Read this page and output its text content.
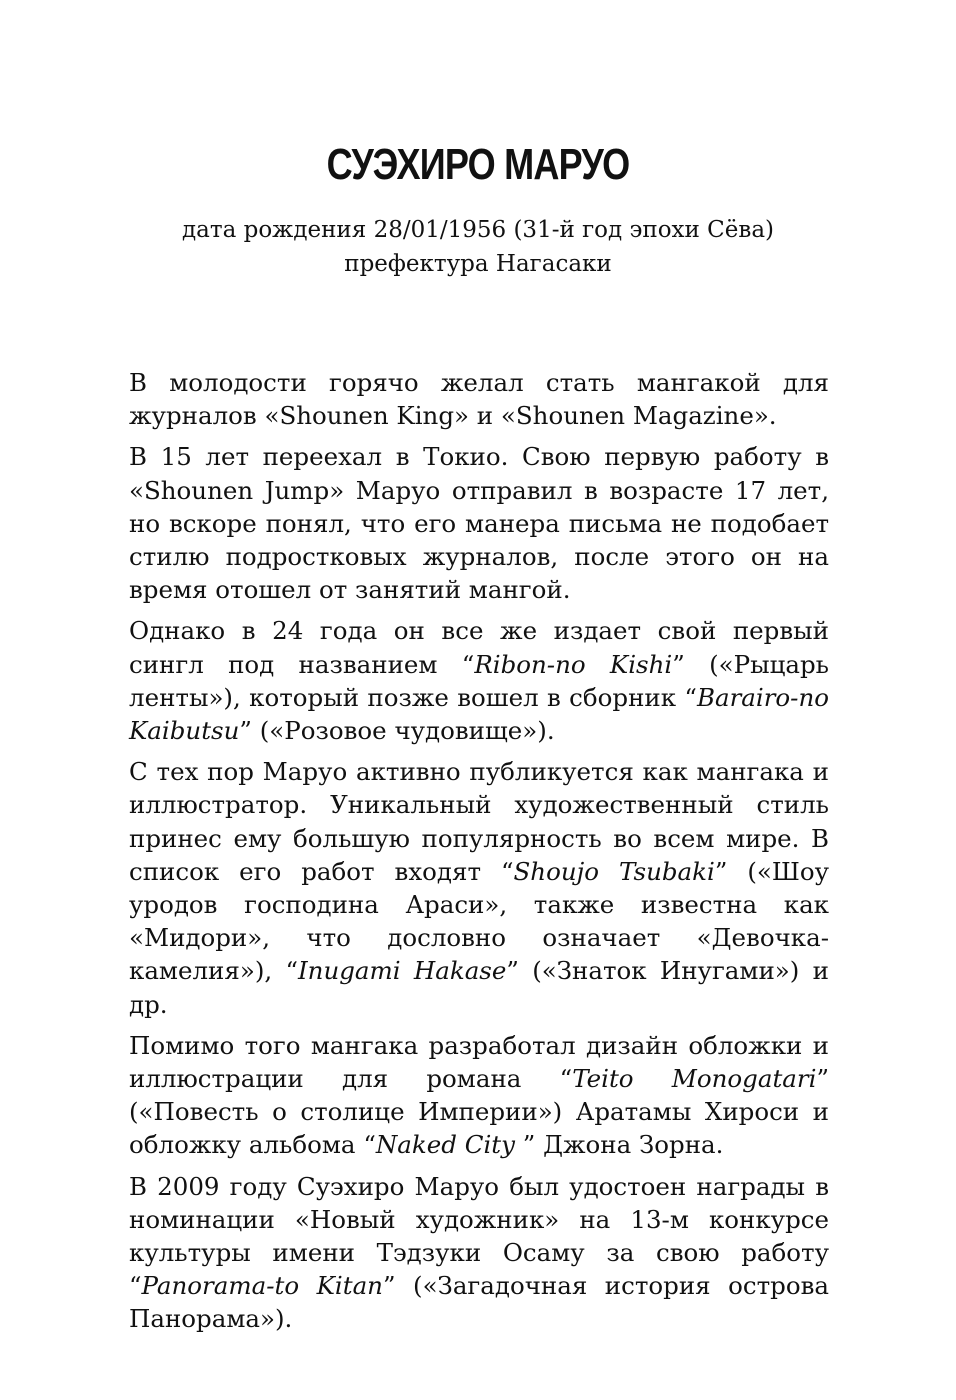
СУЭХИРО МАРУО
дата рождения 28/01/1956 (31-й год эпохи Сёва)
префектура Нагасаки

В молодости горячо желал стать мангакой для журналов «Shounen King» и «Shounen Magazine».

В 15 лет переехал в Токио. Свою первую работу в «Shounen Jump» Маруо отправил в возрасте 17 лет, но вскоре понял, что его манера письма не подобает стилю подростковых журналов, после этого он на время отошел от занятий мангой.

Однако в 24 года он все же издает свой первый сингл под названием “Ribon-no Kishi” («Рыцарь ленты»), который позже вошел в сборник “Barairo-no Kaibutsu” («Розовое чудовище»).

С тех пор Маруо активно публикуется как мангака и иллюстратор. Уникальный художественный стиль принес ему большую популярность во всем мире. В список его работ входят “Shoujo Tsubaki” («Шоу уродов господина Араси», также известна как «Мидори», что дословно означает «Девочка-камелия»), “Inugami Hakase” («Знаток Инугами») и др.

Помимо того мангака разработал дизайн обложки и иллюстрации для романа “Teito Monogatari” («Повесть о столице Империи») Аратамы Хироси и обложку альбома “Naked City ” Джона Зорна.

В 2009 году Суэхиро Маруо был удостоен награды в номинации «Новый художник» на 13-м конкурсе культуры имени Тэдзуки Осаму за свою работу “Panorama-to Kitan” («Загадочная история острова Панорама»).
